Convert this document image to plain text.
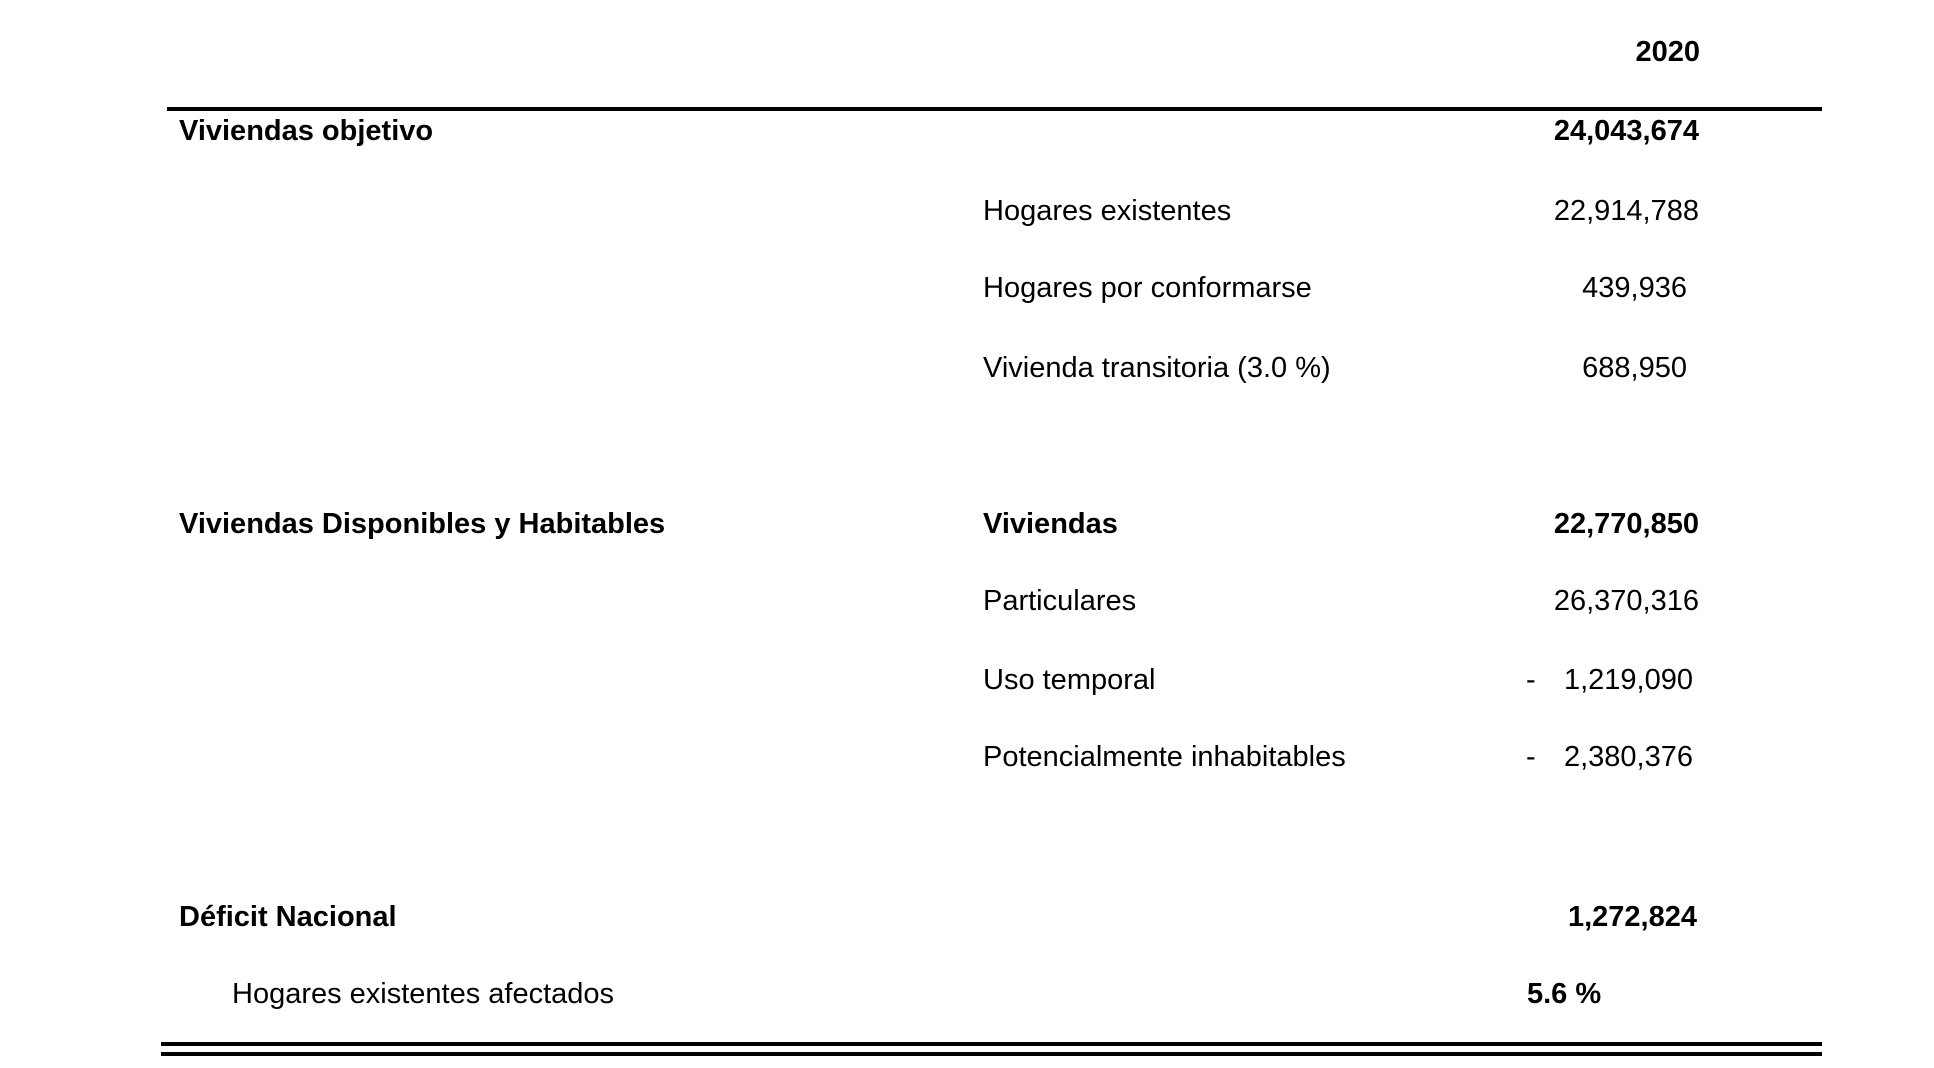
2020
Viviendas objetivo	24,043,674
Hogares existentes	22,914,788
Hogares por conformarse	439,936
Vivienda transitoria (3.0 %)	688,950
Viviendas Disponibles y Habitables	Viviendas	22,770,850
Particulares	26,370,316
Uso temporal	- 1,219,090
Potencialmente inhabitables	- 2,380,376
Déficit Nacional	1,272,824
Hogares existentes afectados	5.6 %
